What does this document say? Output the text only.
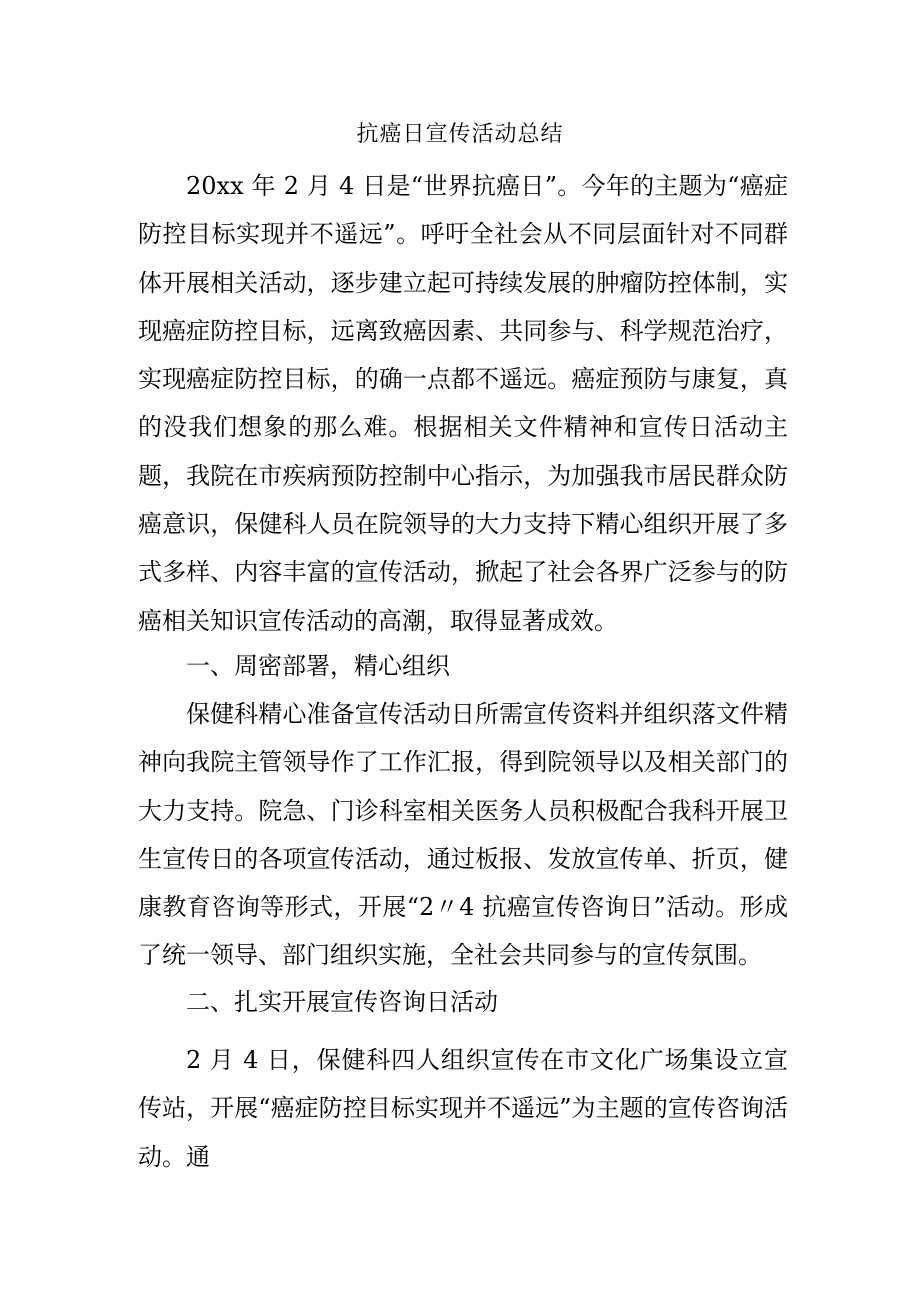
抗癌日宣传活动总结

20xx 年 2 月 4 日是“世界抗癌日”。今年的主题为“癌症防控目标实现并不遥远”。呼吁全社会从不同层面针对不同群体开展相关活动，逐步建立起可持续发展的肿瘤防控体制，实现癌症防控目标，远离致癌因素、共同参与、科学规范治疗，实现癌症防控目标，的确一点都不遥远。癌症预防与康复，真的没我们想象的那么难。根据相关文件精神和宣传日活动主题，我院在市疾病预防控制中心指示，为加强我市居民群众防癌意识，保健科人员在院领导的大力支持下精心组织开展了多式多样、内容丰富的宣传活动，掀起了社会各界广泛参与的防癌相关知识宣传活动的高潮，取得显著成效。

一、周密部署，精心组织

保健科精心准备宣传活动日所需宣传资料并组织落文件精神向我院主管领导作了工作汇报，得到院领导以及相关部门的大力支持。院急、门诊科室相关医务人员积极配合我科开展卫生宣传日的各项宣传活动，通过板报、发放宣传单、折页，健康教育咨询等形式，开展“2〃4 抗癌宣传咨询日”活动。形成了统一领导、部门组织实施，全社会共同参与的宣传氛围。

二、扎实开展宣传咨询日活动

2 月 4 日，保健科四人组织宣传在市文化广场集设立宣传站，开展“癌症防控目标实现并不遥远”为主题的宣传咨询活动。通
